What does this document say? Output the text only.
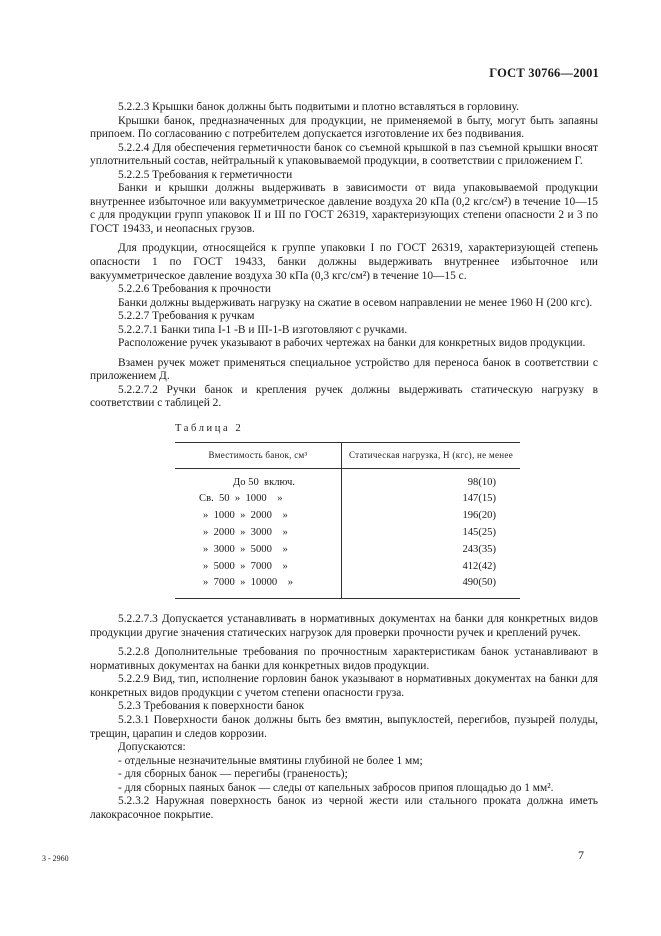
ГОСТ 30766—2001

5.2.2.3 Крышки банок должны быть подвитыми и плотно вставляться в горловину.

Крышки банок, предназначенных для продукции, не применяемой в быту, могут быть запаяны припоем. По согласованию с потребителем допускается изготовление их без подвивания.

5.2.2.4 Для обеспечения герметичности банок со съемной крышкой в паз съемной крышки вносят уплотнительный состав, нейтральный к упаковываемой продукции, в соответствии с приложением Г.

5.2.2.5 Требования к герметичности

Банки и крышки должны выдерживать в зависимости от вида упаковываемой продукции внутреннее избыточное или вакуумметрическое давление воздуха 20 кПа (0,2 кгс/см²) в течение 10—15 с для продукции групп упаковок II и III по ГОСТ 26319, характеризующих степени опасности 2 и 3 по ГОСТ 19433, и неопасных грузов.

Для продукции, относящейся к группе упаковки I по ГОСТ 26319, характеризующей степень опасности 1 по ГОСТ 19433, банки должны выдерживать внутреннее избыточное или вакуумметрическое давление воздуха 30 кПа (0,3 кгс/см²) в течение 10—15 с.

5.2.2.6 Требования к прочности

Банки должны выдерживать нагрузку на сжатие в осевом направлении не менее 1960 Н (200 кгс).

5.2.2.7 Требования к ручкам

5.2.2.7.1 Банки типа I-1 -В и III-1-В изготовляют с ручками.

Расположение ручек указывают в рабочих чертежах на банки для конкретных видов продукции.

Взамен ручек может применяться специальное устройство для переноса банок в соответствии с приложением Д.

5.2.2.7.2 Ручки банок и крепления ручек должны выдерживать статическую нагрузку в соответствии с таблицей 2.

Таблица 2
Вместимость банок, см³	Статическая нагрузка, Н (кгс), не менее
До 50  включ.	98(10)
Св.  50  »  1000    »	147(15)
»  1000  »  2000    »	196(20)
»  2000  »  3000    »	145(25)
»  3000  »  5000    »	243(35)
»  5000  »  7000    »	412(42)
»  7000  »  10000    »	490(50)

5.2.2.7.3 Допускается устанавливать в нормативных документах на банки для конкретных видов продукции другие значения статических нагрузок для проверки прочности ручек и креплений ручек.

5.2.2.8 Дополнительные требования по прочностным характеристикам банок устанавливают в нормативных документах на банки для конкретных видов продукции.

5.2.2.9 Вид, тип, исполнение горловин банок указывают в нормативных документах на банки для конкретных видов продукции с учетом степени опасности груза.

5.2.3 Требования к поверхности банок

5.2.3.1 Поверхности банок должны быть без вмятин, выпуклостей, перегибов, пузырей полуды, трещин, царапин и следов коррозии.

Допускаются:

- отдельные незначительные вмятины глубиной не более 1 мм;

- для сборных банок — перегибы (граненость);

- для сборных паяных банок — следы от капельных забросов припоя площадью до 1 мм².

5.2.3.2 Наружная поверхность банок из черной жести или стального проката должна иметь лакокрасочное покрытие.

3 - 2960	7
